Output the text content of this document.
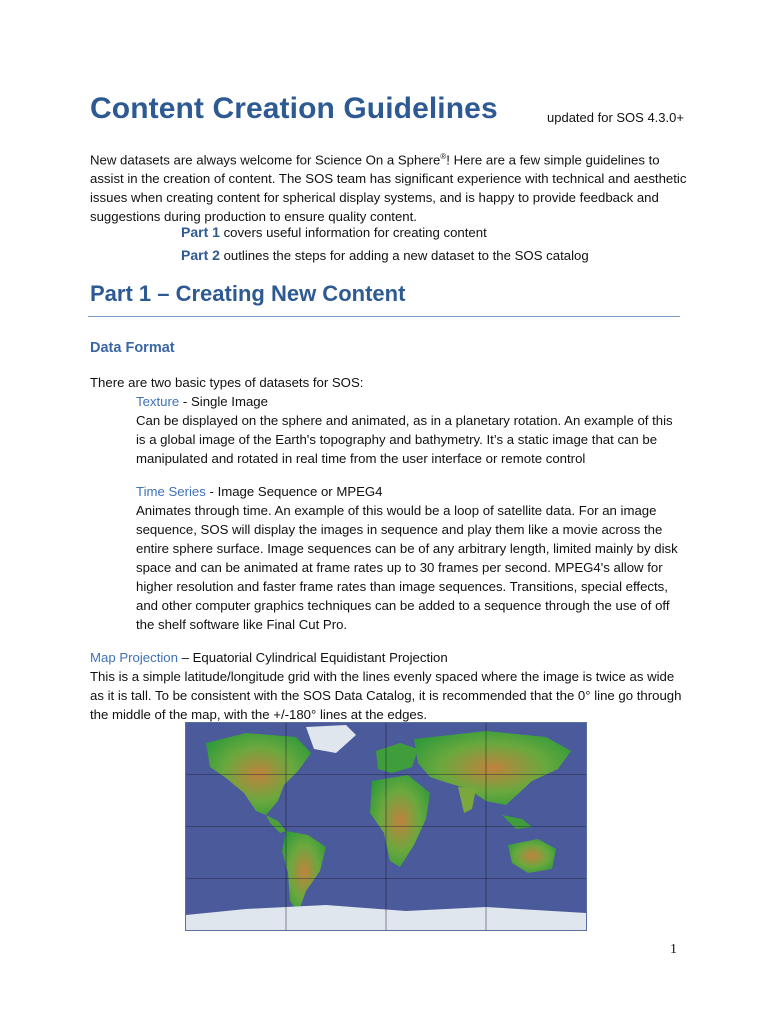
Content Creation Guidelines	updated for SOS 4.3.0+
New datasets are always welcome for Science On a Sphere®! Here are a few simple guidelines to assist in the creation of content. The SOS team has significant experience with technical and aesthetic issues when creating content for spherical display systems, and is happy to provide feedback and suggestions during production to ensure quality content.
Part 1 covers useful information for creating content
Part 2 outlines the steps for adding a new dataset to the SOS catalog
Part 1 – Creating New Content
Data Format
There are two basic types of datasets for SOS:
Texture - Single Image
Can be displayed on the sphere and animated, as in a planetary rotation. An example of this is a global image of the Earth's topography and bathymetry. It’s a static image that can be manipulated and rotated in real time from the user interface or remote control
Time Series - Image Sequence or MPEG4
Animates through time. An example of this would be a loop of satellite data. For an image sequence, SOS will display the images in sequence and play them like a movie across the entire sphere surface. Image sequences can be of any arbitrary length, limited mainly by disk space and can be animated at frame rates up to 30 frames per second. MPEG4's allow for higher resolution and faster frame rates than image sequences. Transitions, special effects, and other computer graphics techniques can be added to a sequence through the use of off the shelf software like Final Cut Pro.
Map Projection – Equatorial Cylindrical Equidistant Projection
This is a simple latitude/longitude grid with the lines evenly spaced where the image is twice as wide as it is tall. To be consistent with the SOS Data Catalog, it is recommended that the 0° line go through the middle of the map, with the +/-180° lines at the edges.
1
